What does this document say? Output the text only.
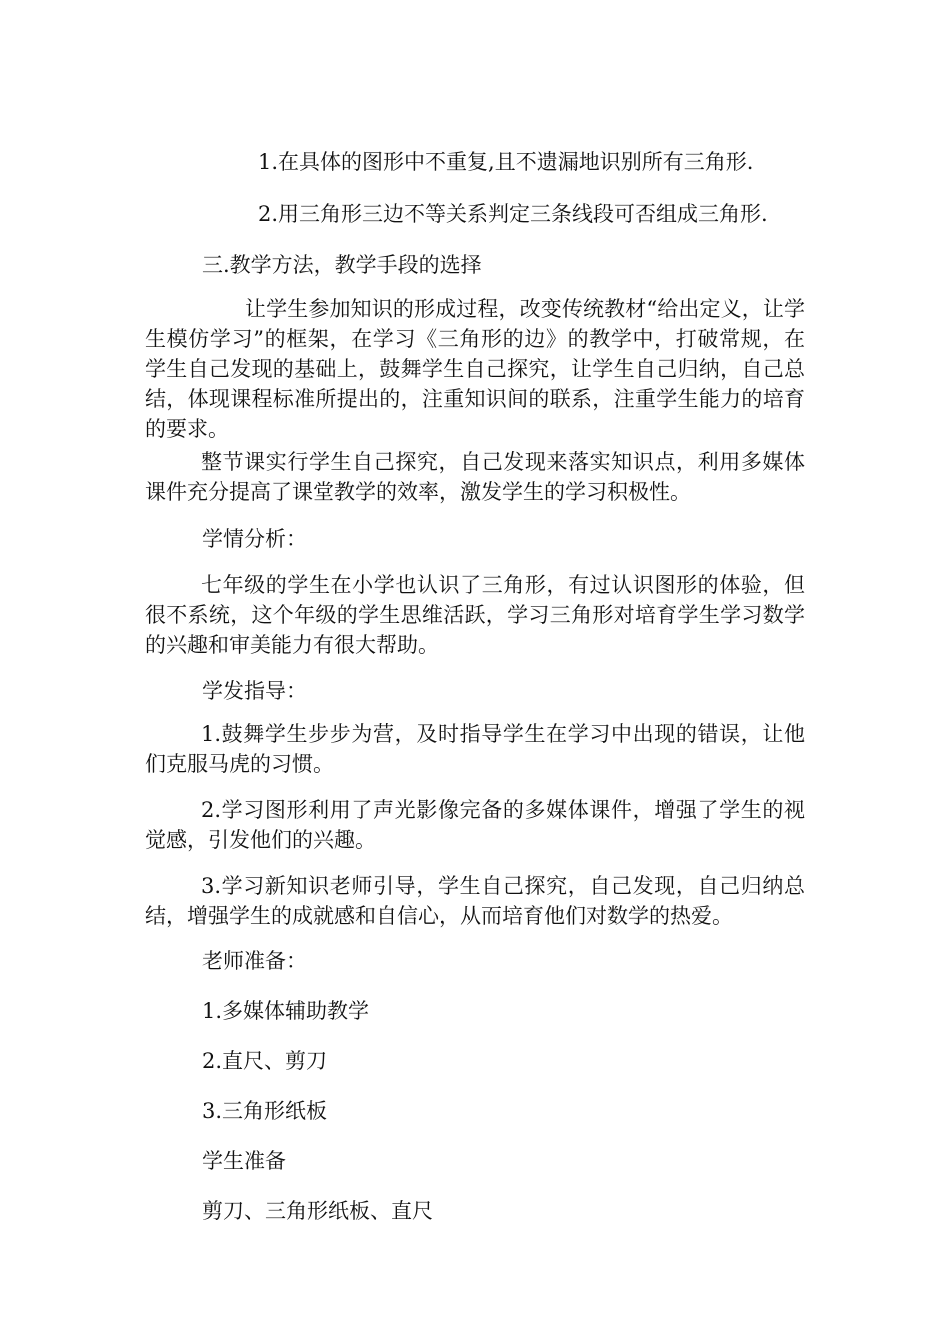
1.在具体的图形中不重复,且不遗漏地识别所有三角形.

2.用三角形三边不等关系判定三条线段可否组成三角形.

三.教学方法，教学手段的选择

让学生参加知识的形成过程，改变传统教材“给出定义，让学生模仿学习”的框架，在学习《三角形的边》的教学中，打破常规，在学生自己发现的基础上，鼓舞学生自己探究，让学生自己归纳，自己总结，体现课程标准所提出的，注重知识间的联系，注重学生能力的培育的要求。

整节课实行学生自己探究，自己发现来落实知识点，利用多媒体课件充分提高了课堂教学的效率，激发学生的学习积极性。

学情分析：

七年级的学生在小学也认识了三角形，有过认识图形的体验，但很不系统，这个年级的学生思维活跃，学习三角形对培育学生学习数学的兴趣和审美能力有很大帮助。

学发指导：

1.鼓舞学生步步为营，及时指导学生在学习中出现的错误，让他们克服马虎的习惯。

2.学习图形利用了声光影像完备的多媒体课件，增强了学生的视觉感，引发他们的兴趣。

3.学习新知识老师引导，学生自己探究，自己发现，自己归纳总结，增强学生的成就感和自信心，从而培育他们对数学的热爱。

老师准备：

1.多媒体辅助教学

2.直尺、剪刀

3.三角形纸板

学生准备

剪刀、三角形纸板、直尺
